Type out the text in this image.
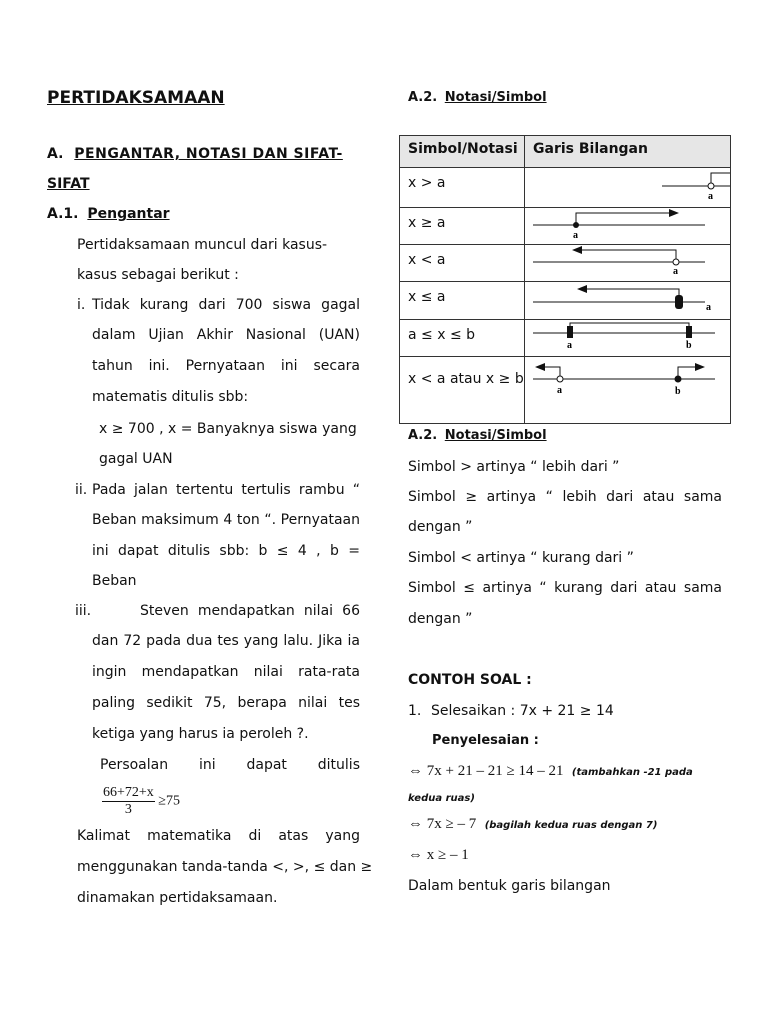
PERTIDAKSAMAAN
A. PENGANTAR, NOTASI DAN SIFAT-
SIFAT
A.1. Pengantar
Pertidaksamaan muncul dari kasus-
kasus sebagai berikut :
i. Tidak kurang dari 700 siswa gagal
dalam Ujian Akhir Nasional (UAN)
tahun ini. Pernyataan ini secara
matematis ditulis sbb:
x ≥ 700 , x = Banyaknya siswa yang
gagal UAN
ii. Pada jalan tertentu tertulis rambu “
Beban maksimum 4 ton “. Pernyataan
ini dapat ditulis sbb: b ≤ 4 , b =
Beban
iii.	Steven mendapatkan nilai 66
dan 72 pada dua tes yang lalu. Jika ia
ingin mendapatkan nilai rata-rata
paling sedikit 75, berapa nilai tes
ketiga yang harus ia peroleh ?.
Persoalan ini dapat ditulis
$\frac{66+72+x}{3} \ge 75$
Kalimat matematika di atas yang
menggunakan tanda-tanda <, >, ≤ dan ≥
dinamakan pertidaksamaan.
A.2. Notasi/Simbol
Simbol/Notasi	Garis Bilangan
x > a	a

x ≥ a	a

x < a	a

x ≤ a	a

a ≤ x ≤ b	a b

x < a atau x ≥ b	a b
A.2. Notasi/Simbol
Simbol > artinya “ lebih dari ”
Simbol ≥ artinya “ lebih dari atau sama
dengan ”
Simbol < artinya “ kurang dari ”
Simbol ≤ artinya “ kurang dari atau sama
dengan ”
CONTOH SOAL :
1. Selesaikan : 7x + 21 ≥ 14
Penyelesaian :
⇔ 7x + 21 – 21 ≥ 14 – 21 (tambahkan -21 pada
kedua ruas)
⇔ 7x ≥ – 7 (bagilah kedua ruas dengan 7)
⇔ x ≥ – 1
Dalam bentuk garis bilangan
